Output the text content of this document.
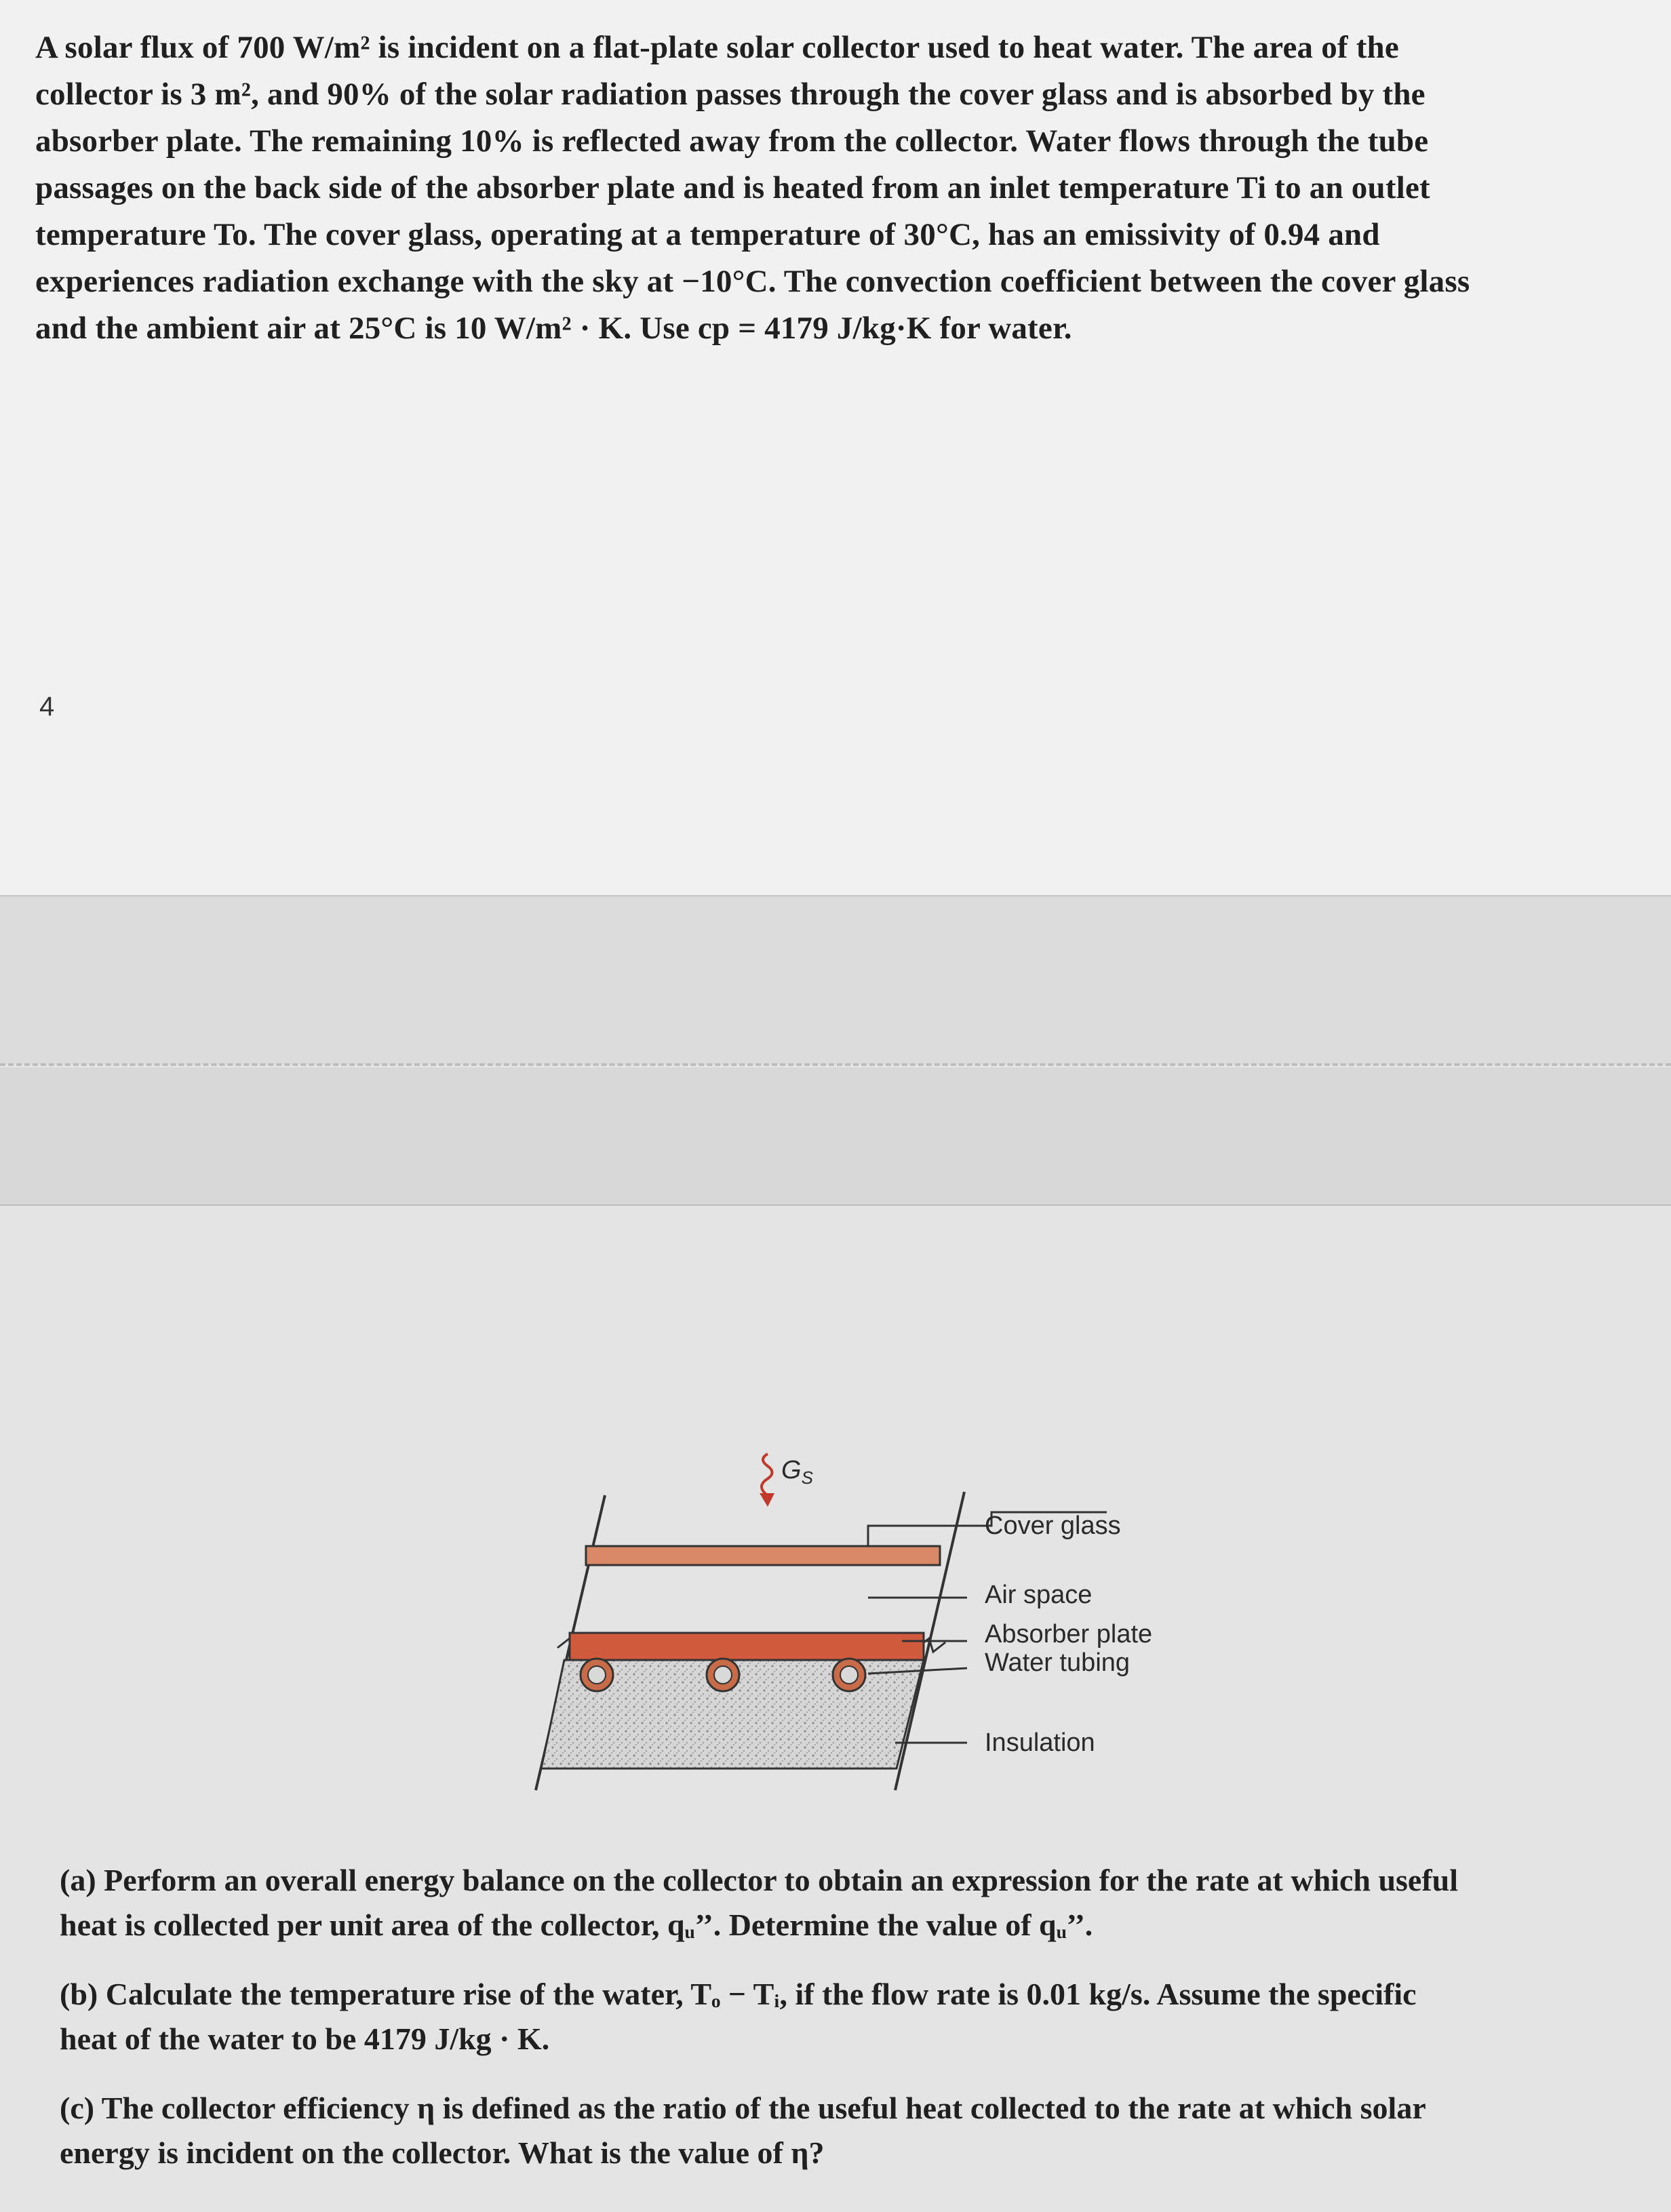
A solar flux of 700 W/m² is incident on a flat-plate solar collector used to heat water. The area of the

collector is 3 m², and 90% of the solar radiation passes through the cover glass and is absorbed by the

absorber plate. The remaining 10% is reflected away from the collector. Water flows through the tube

passages on the back side of the absorber plate and is heated from an inlet temperature Ti to an outlet

temperature To. The cover glass, operating at a temperature of 30°C, has an emissivity of 0.94 and

experiences radiation exchange with the sky at −10°C. The convection coefficient between the cover glass

and the ambient air at 25°C is 10 W/m² · K. Use cp = 4179 J/kg·K for water.

4
$G_S$
Cover glass
Air space
Absorber plate
Water tubing
Insulation

(a) Perform an overall energy balance on the collector to obtain an expression for the rate at which useful
heat is collected per unit area of the collector, qᵤ’’. Determine the value of qᵤ’’.

(b) Calculate the temperature rise of the water, Tₒ − Tᵢ, if the flow rate is 0.01 kg/s. Assume the specific
heat of the water to be 4179 J/kg · K.

(c) The collector efficiency η is defined as the ratio of the useful heat collected to the rate at which solar
energy is incident on the collector. What is the value of η?
